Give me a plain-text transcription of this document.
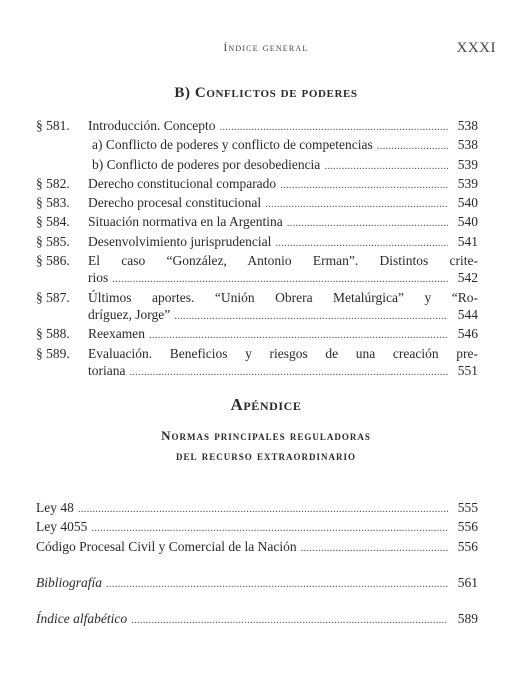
Índice general	XXXI
B) Conflictos de poderes
§ 581. Introducción. Concepto . . .	538
a) Conflicto de poderes y conflicto de competencias . . .	538
b) Conflicto de poderes por desobediencia . . .	539
§ 582. Derecho constitucional comparado . . .	539
§ 583. Derecho procesal constitucional . . .	540
§ 584. Situación normativa en la Argentina . . .	540
§ 585. Desenvolvimiento jurisprudencial . . .	541
§ 586. El caso “González, Antonio Erman”. Distintos crite-
rios . . .	542
§ 587. Últimos aportes. “Unión Obrera Metalúrgica” y “Ro-
dríguez, Jorge” . . .	544
§ 588. Reexamen . . .	546
§ 589. Evaluación. Beneficios y riesgos de una creación pre-
toriana . . .	551
Apéndice
Normas principales reguladoras
del recurso extraordinario
Ley 48 . . .	555
Ley 4055 . . .	556
Código Procesal Civil y Comercial de la Nación . . .	556
Bibliografía . . .	561
Índice alfabético . . .	589
